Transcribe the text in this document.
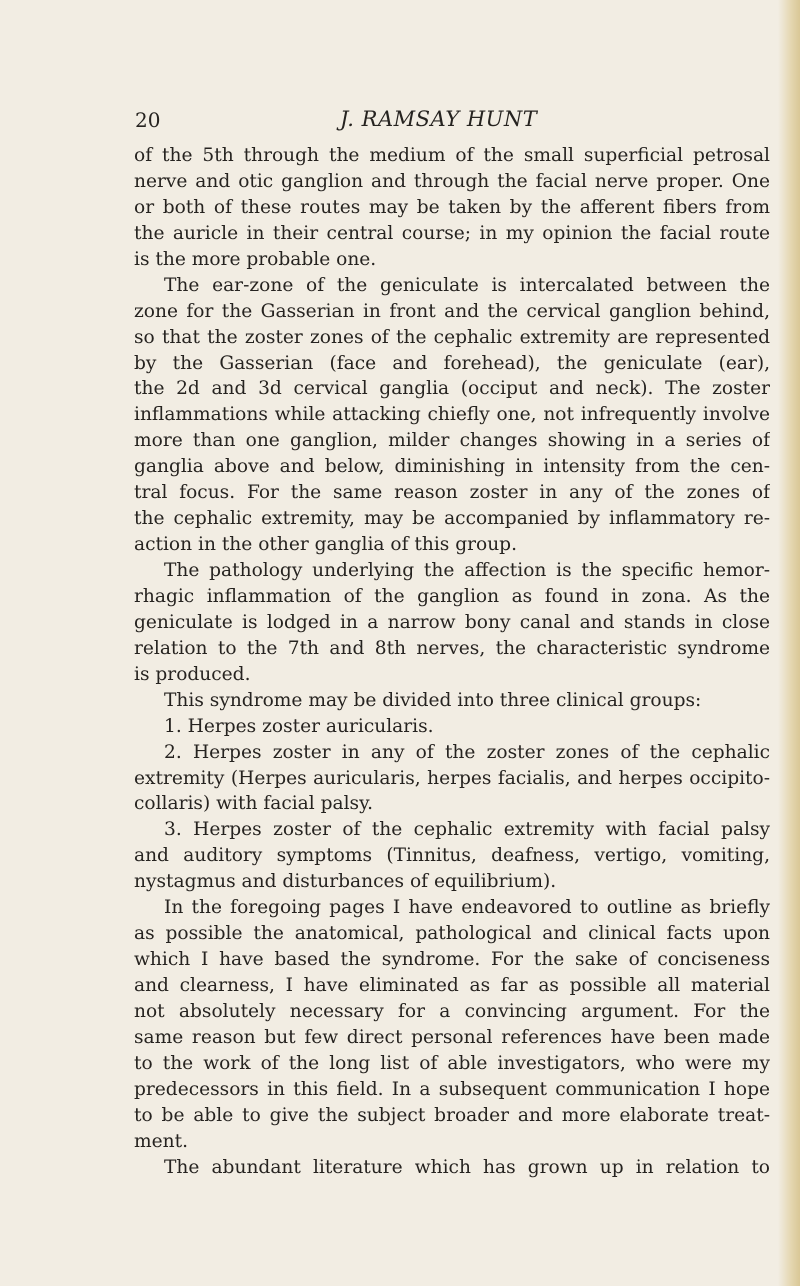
20	J. RAMSAY HUNT
of the 5th through the medium of the small superficial petrosal
nerve and otic ganglion and through the facial nerve proper. One
or both of these routes may be taken by the afferent fibers from
the auricle in their central course; in my opinion the facial route
is the more probable one.
The ear-zone of the geniculate is intercalated between the
zone for the Gasserian in front and the cervical ganglion behind,
so that the zoster zones of the cephalic extremity are represented
by the Gasserian (face and forehead), the geniculate (ear),
the 2d and 3d cervical ganglia (occiput and neck). The zoster
inflammations while attacking chiefly one, not infrequently involve
more than one ganglion, milder changes showing in a series of
ganglia above and below, diminishing in intensity from the cen-
tral focus. For the same reason zoster in any of the zones of
the cephalic extremity, may be accompanied by inflammatory re-
action in the other ganglia of this group.
The pathology underlying the affection is the specific hemor-
rhagic inflammation of the ganglion as found in zona. As the
geniculate is lodged in a narrow bony canal and stands in close
relation to the 7th and 8th nerves, the characteristic syndrome
is produced.
This syndrome may be divided into three clinical groups:
1. Herpes zoster auricularis.
2. Herpes zoster in any of the zoster zones of the cephalic
extremity (Herpes auricularis, herpes facialis, and herpes occipito-
collaris) with facial palsy.
3. Herpes zoster of the cephalic extremity with facial palsy
and auditory symptoms (Tinnitus, deafness, vertigo, vomiting,
nystagmus and disturbances of equilibrium).
In the foregoing pages I have endeavored to outline as briefly
as possible the anatomical, pathological and clinical facts upon
which I have based the syndrome. For the sake of conciseness
and clearness, I have eliminated as far as possible all material
not absolutely necessary for a convincing argument. For the
same reason but few direct personal references have been made
to the work of the long list of able investigators, who were my
predecessors in this field. In a subsequent communication I hope
to be able to give the subject broader and more elaborate treat-
ment.
The abundant literature which has grown up in relation to
